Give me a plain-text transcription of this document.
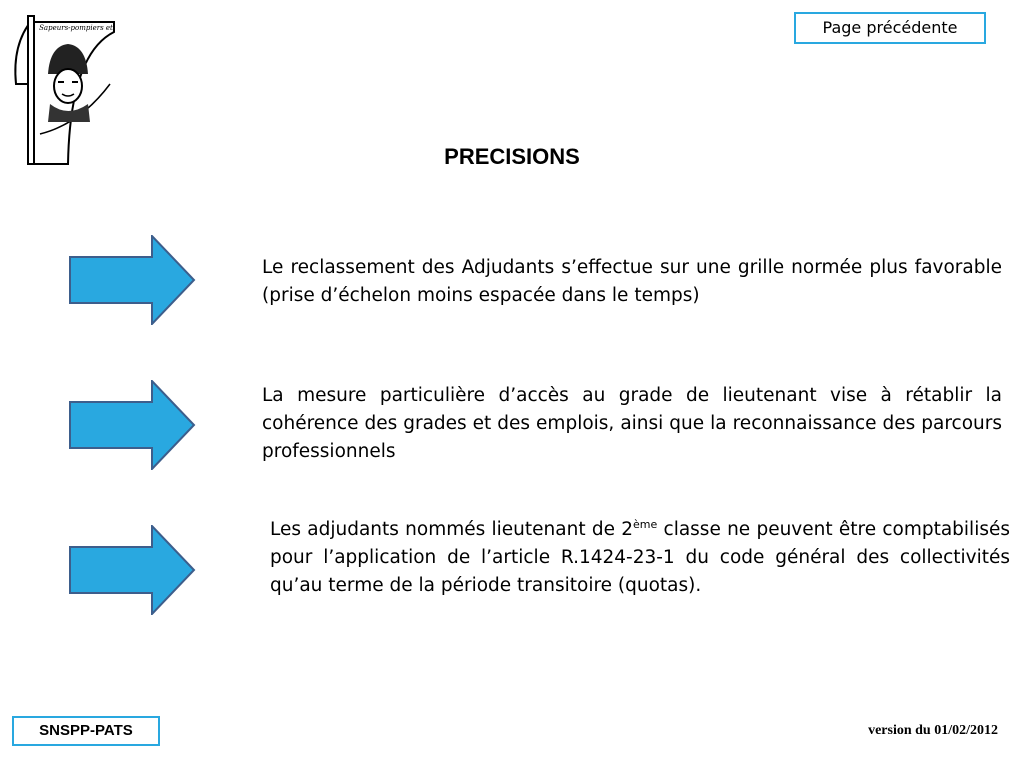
Sapeurs-pompiers et	Page précédente
PRECISIONS

Le reclassement des Adjudants s’effectue sur une grille normée plus favorable (prise d’échelon moins espacée dans le temps)

La mesure particulière d’accès au grade de lieutenant vise à rétablir la cohérence des grades et des emplois, ainsi que la reconnaissance des parcours professionnels

Les adjudants nommés lieutenant de 2ème classe ne peuvent être comptabilisés pour l’application de l’article R.1424-23-1 du code général des collectivités qu’au terme de la période transitoire (quotas).

SNSPP-PATS	version du 01/02/2012
